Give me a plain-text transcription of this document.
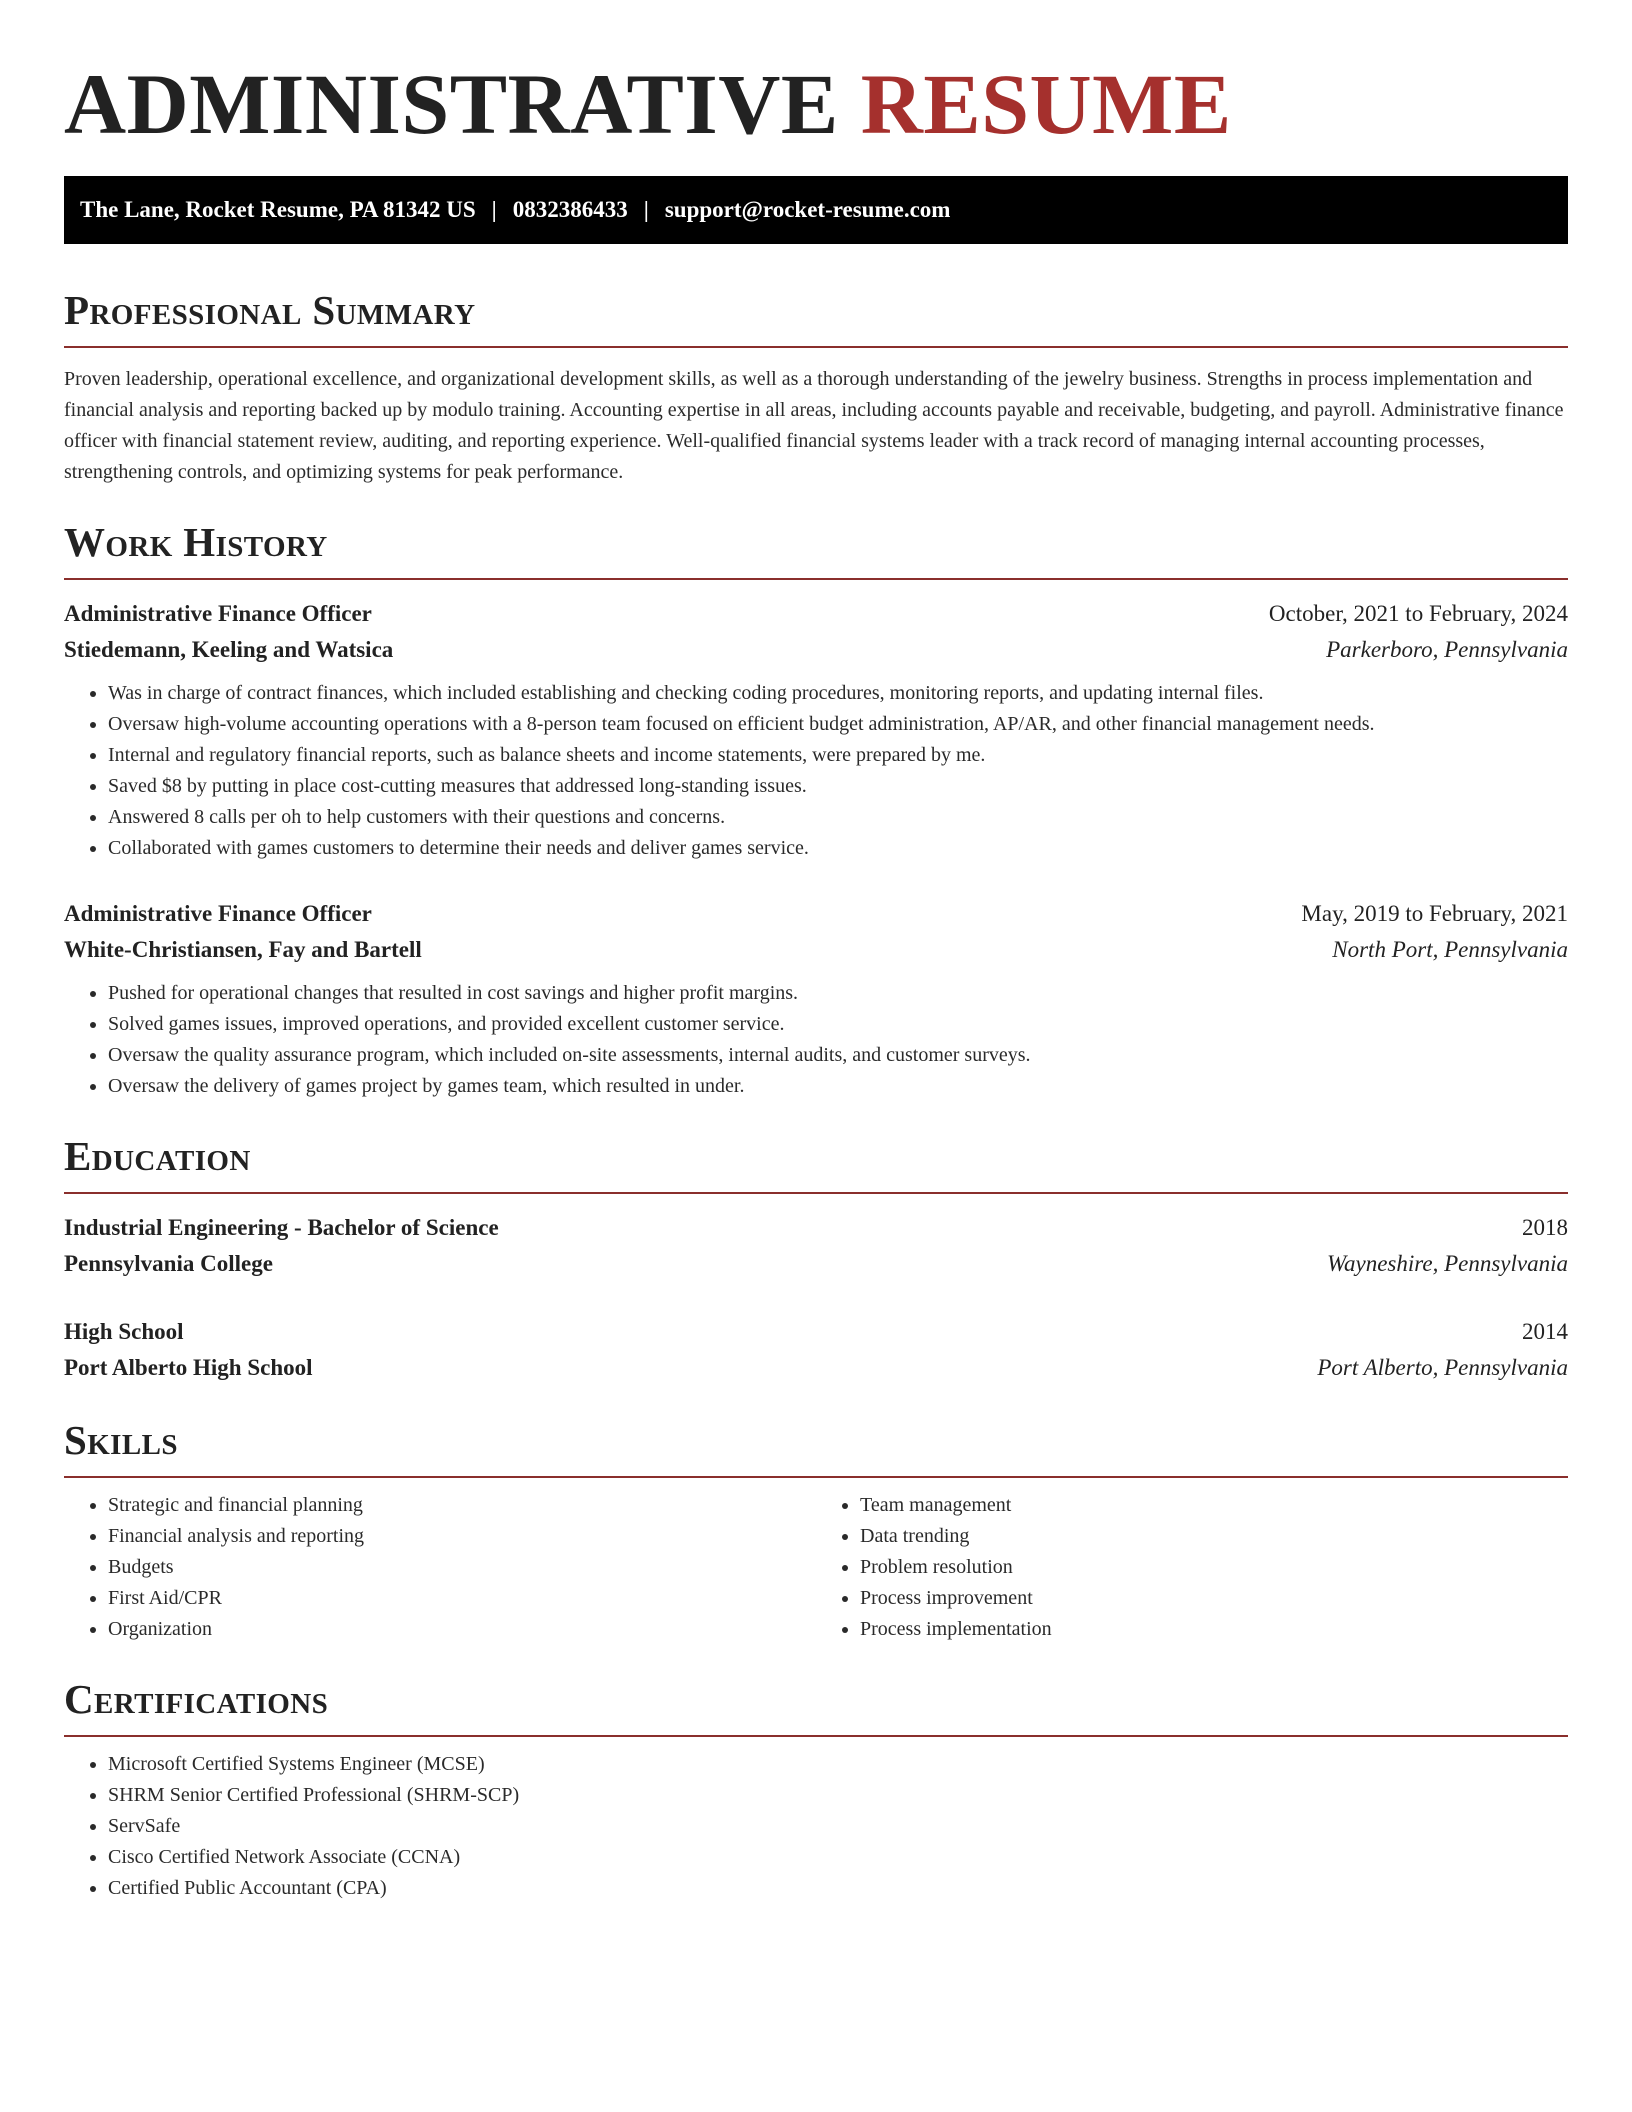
ADMINISTRATIVE RESUME
The Lane, Rocket Resume, PA 81342 US | 0832386433 | support@rocket-resume.com
Professional Summary

Proven leadership, operational excellence, and organizational development skills, as well as a thorough understanding of the jewelry business. Strengths in process implementation and financial analysis and reporting backed up by modulo training. Accounting expertise in all areas, including accounts payable and receivable, budgeting, and payroll. Administrative finance officer with financial statement review, auditing, and reporting experience. Well-qualified financial systems leader with a track record of managing internal accounting processes, strengthening controls, and optimizing systems for peak performance.

Work History
Administrative Finance Officer	October, 2021 to February, 2024
Stiedemann, Keeling and Watsica	Parkerboro, Pennsylvania
• Was in charge of contract finances, which included establishing and checking coding procedures, monitoring reports, and updating internal files.
• Oversaw high-volume accounting operations with a 8-person team focused on efficient budget administration, AP/AR, and other financial management needs.
• Internal and regulatory financial reports, such as balance sheets and income statements, were prepared by me.
• Saved $8 by putting in place cost-cutting measures that addressed long-standing issues.
• Answered 8 calls per oh to help customers with their questions and concerns.
• Collaborated with games customers to determine their needs and deliver games service.
Administrative Finance Officer	May, 2019 to February, 2021
White-Christiansen, Fay and Bartell	North Port, Pennsylvania
• Pushed for operational changes that resulted in cost savings and higher profit margins.
• Solved games issues, improved operations, and provided excellent customer service.
• Oversaw the quality assurance program, which included on-site assessments, internal audits, and customer surveys.
• Oversaw the delivery of games project by games team, which resulted in under.
Education
Industrial Engineering - Bachelor of Science	2018
Pennsylvania College	Wayneshire, Pennsylvania
High School	2014
Port Alberto High School	Port Alberto, Pennsylvania
Skills
• Strategic and financial planning
• Financial analysis and reporting
• Budgets
• First Aid/CPR
• Organization
• Team management
• Data trending
• Problem resolution
• Process improvement
• Process implementation
Certifications
• Microsoft Certified Systems Engineer (MCSE)
• SHRM Senior Certified Professional (SHRM-SCP)
• ServSafe
• Cisco Certified Network Associate (CCNA)
• Certified Public Accountant (CPA)
